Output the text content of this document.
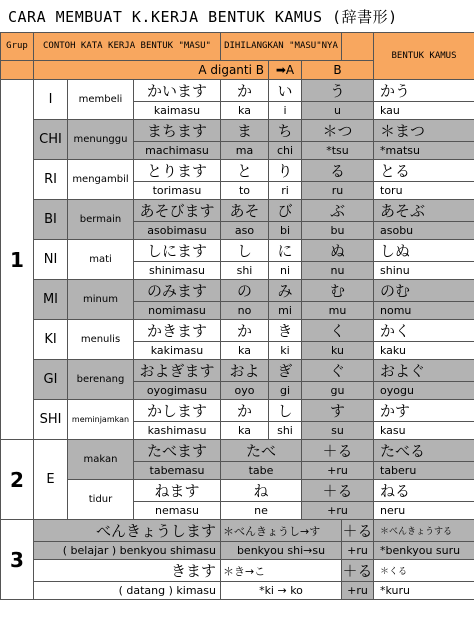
CARA MEMBUAT K.KERJA BENTUK KAMUS (辞書形)
Grup	CONTOH KATA KERJA BENTUK "MASU"			DIHILANGKAN "MASU"NYA				BENTUK KAMUS
	A diganti B				➡A	B		
1	I	membeli	かいます	か	い	う		かう
			kaimasu	ka	i	u		kau
	CHI	menunggu	まちます	ま	ち	＊つ		＊まつ
			machimasu	ma	chi	*tsu		*matsu
	RI	mengambil	とります	と	り	る		とる
			torimasu	to	ri	ru		toru
	BI	bermain	あそびます	あそ	び	ぶ		あそぶ
			asobimasu	aso	bi	bu		asobu
	NI	mati	しにます	し	に	ぬ		しぬ
			shinimasu	shi	ni	nu		shinu
	MI	minum	のみます	の	み	む		のむ
			nomimasu	no	mi	mu		nomu
	KI	menulis	かきます	か	き	く		かく
			kakimasu	ka	ki	ku		kaku
	GI	berenang	およぎます	およ	ぎ	ぐ		およぐ
			oyogimasu	oyo	gi	gu		oyogu
	SHI	meminjamkan	かします	か	し	す		かす
			kashimasu	ka	shi	su		kasu
2	E	makan	たべます	たべ		＋る		たべる
			tabemasu	tabe		+ru		taberu
		tidur	ねます	ね		＋る		ねる
			nemasu	ne		+ru		neru
3	べんきょうします			＊べんきょうし→す			＋る	＊べんきょうする
	( belajar ) benkyou shimasu			benkyou shi→su			+ru	*benkyou suru
	きます			＊き→こ			＋る	＊くる
	( datang ) kimasu			*ki → ko			+ru	*kuru
